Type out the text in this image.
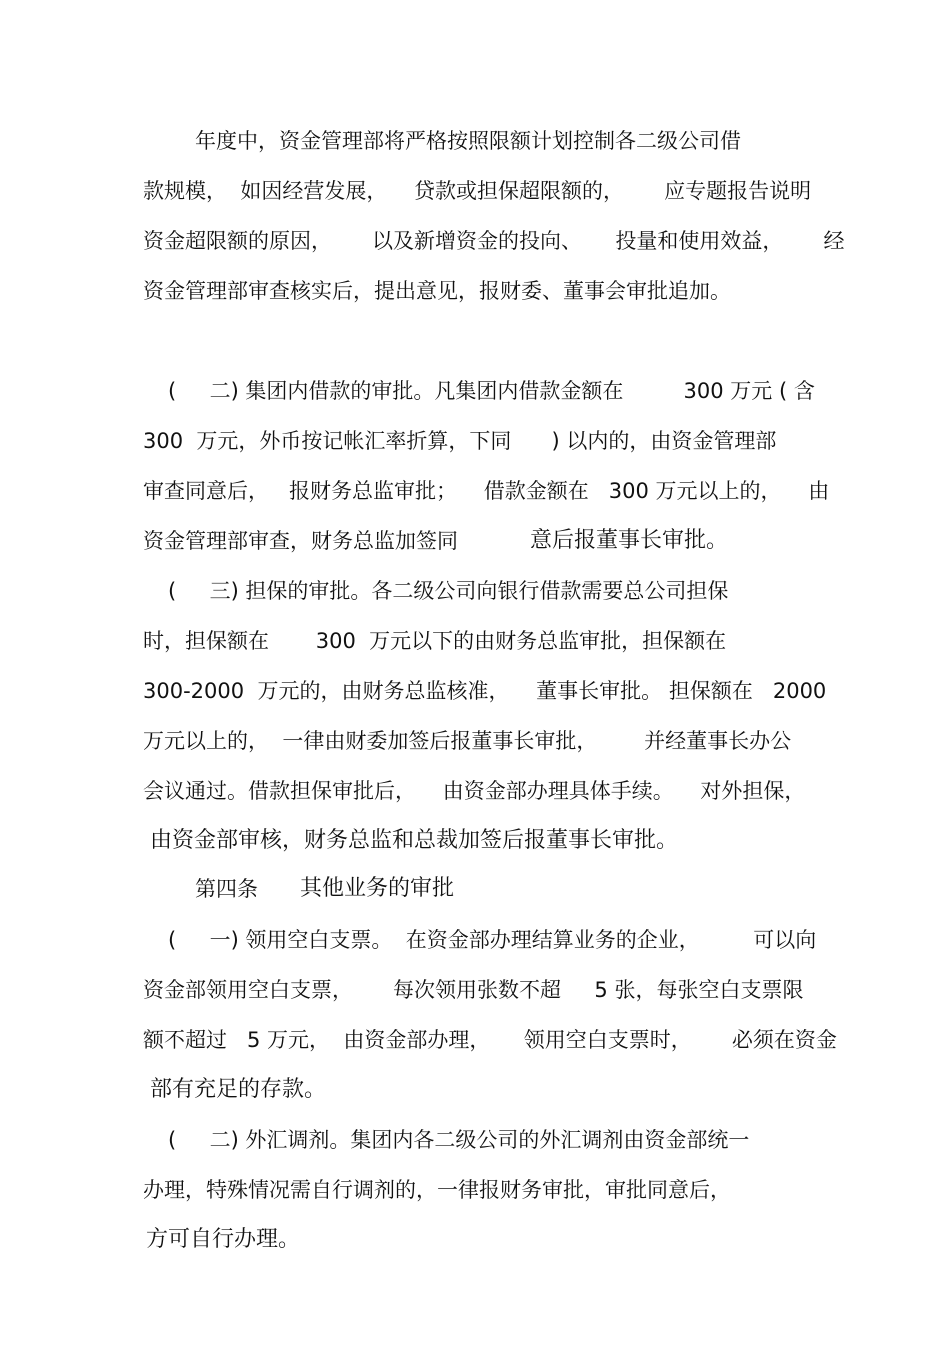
年度中，资金管理部将严格按照限额计划控制各二级公司借
款规模，  如因经营发展，    贷款或担保超限额的，      应专题报告说明
资金超限额的原因，      以及新增资金的投向、     投量和使用效益，      经
资金管理部审查核实后，提出意见，报财委、董事会审批追加。
(     二) 集团内借款的审批。凡集团内借款金额在         300 万元 ( 含
300  万元，外币按记帐汇率折算，下同      ) 以内的，由资金管理部
审查同意后，   报财务总监审批；    借款金额在   300 万元以上的，    由
资金管理部审查，财务总监加签同	意后报董事长审批。
(     三) 担保的审批。各二级公司向银行借款需要总公司担保
时，担保额在       300  万元以下的由财务总监审批，担保额在
300-2000  万元的，由财务总监核准，    董事长审批。 担保额在   2000
万元以上的，  一律由财委加签后报董事长审批，       并经董事长办公
会议通过。借款担保审批后，    由资金部办理具体手续。    对外担保，
由资金部审核，财务总监和总裁加签后报董事长审批。
第四条	其他业务的审批
(     一) 领用空白支票。  在资金部办理结算业务的企业，        可以向
资金部领用空白支票，      每次领用张数不超     5 张，每张空白支票限
额不超过   5 万元，  由资金部办理，     领用空白支票时，      必须在资金
部有充足的存款。
(     二) 外汇调剂。集团内各二级公司的外汇调剂由资金部统一
办理，特殊情况需自行调剂的，一律报财务审批，审批同意后，
方可自行办理。
